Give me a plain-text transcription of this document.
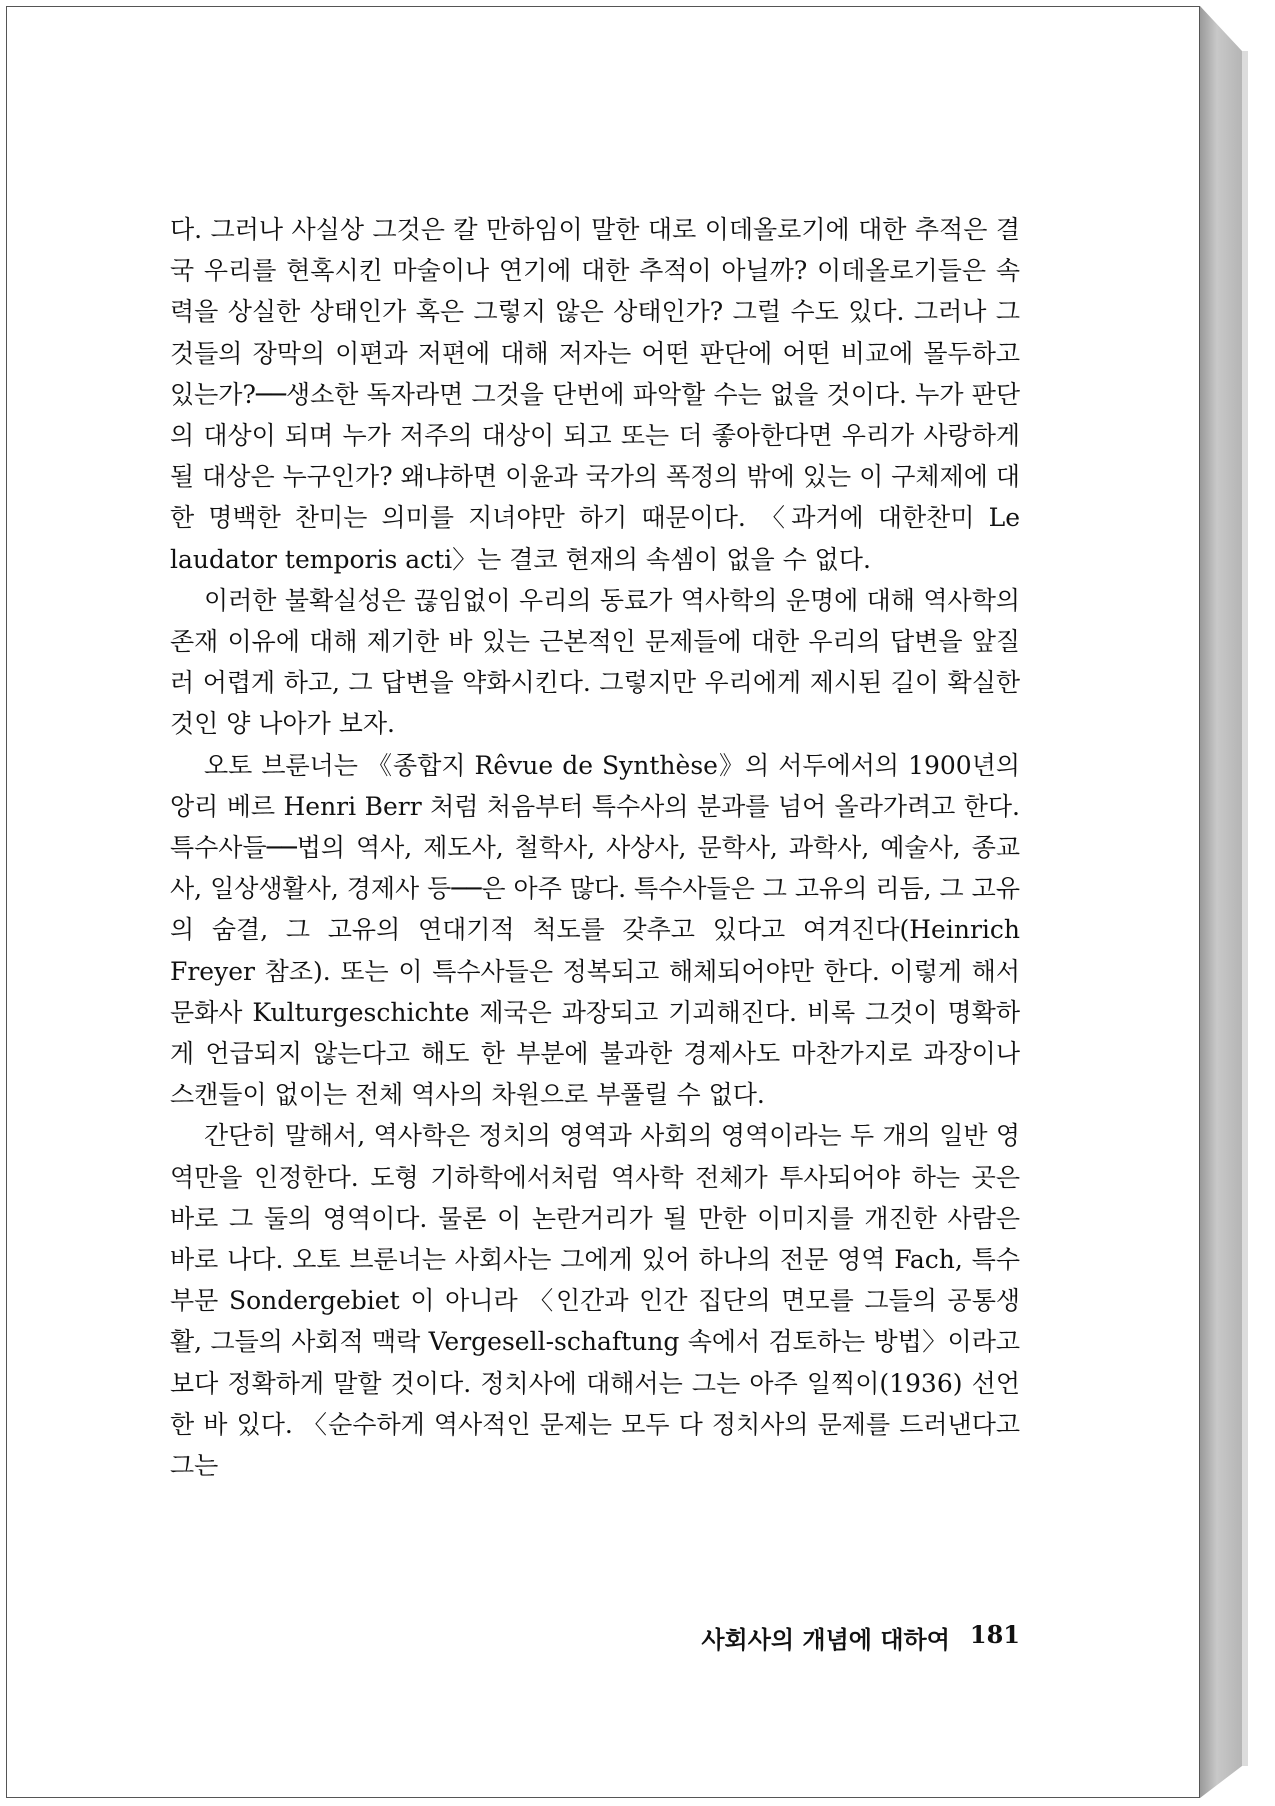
다. 그러나 사실상 그것은 칼 만하임이 말한 대로 이데올로기에 대한 추적은 결국 우리를 현혹시킨 마술이나 연기에 대한 추적이 아닐까? 이데올로기들은 속력을 상실한 상태인가 혹은 그렇지 않은 상태인가? 그럴 수도 있다. 그러나 그것들의 장막의 이편과 저편에 대해 저자는 어떤 판단에 어떤 비교에 몰두하고 있는가?──생소한 독자라면 그것을 단번에 파악할 수는 없을 것이다. 누가 판단의 대상이 되며 누가 저주의 대상이 되고 또는 더 좋아한다면 우리가 사랑하게 될 대상은 누구인가? 왜냐하면 이윤과 국가의 폭정의 밖에 있는 이 구체제에 대한 명백한 찬미는 의미를 지녀야만 하기 때문이다. 〈과거에 대한찬미 Le laudator temporis acti〉는 결코 현재의 속셈이 없을 수 없다.

이러한 불확실성은 끊임없이 우리의 동료가 역사학의 운명에 대해 역사학의 존재 이유에 대해 제기한 바 있는 근본적인 문제들에 대한 우리의 답변을 앞질러 어렵게 하고, 그 답변을 약화시킨다. 그렇지만 우리에게 제시된 길이 확실한 것인 양 나아가 보자.

오토 브룬너는 《종합지 Rêvue de Synthèse》의 서두에서의 1900년의 앙리 베르 Henri Berr 처럼 처음부터 특수사의 분과를 넘어 올라가려고 한다. 특수사들──법의 역사, 제도사, 철학사, 사상사, 문학사, 과학사, 예술사, 종교사, 일상생활사, 경제사 등──은 아주 많다. 특수사들은 그 고유의 리듬, 그 고유의 숨결, 그 고유의 연대기적 척도를 갖추고 있다고 여겨진다(Heinrich Freyer 참조). 또는 이 특수사들은 정복되고 해체되어야만 한다. 이렇게 해서 문화사 Kulturgeschichte 제국은 과장되고 기괴해진다. 비록 그것이 명확하게 언급되지 않는다고 해도 한 부분에 불과한 경제사도 마찬가지로 과장이나 스캔들이 없이는 전체 역사의 차원으로 부풀릴 수 없다.

간단히 말해서, 역사학은 정치의 영역과 사회의 영역이라는 두 개의 일반 영역만을 인정한다. 도형 기하학에서처럼 역사학 전체가 투사되어야 하는 곳은 바로 그 둘의 영역이다. 물론 이 논란거리가 될 만한 이미지를 개진한 사람은 바로 나다. 오토 브룬너는 사회사는 그에게 있어 하나의 전문 영역 Fach, 특수 부문 Sondergebiet 이 아니라 〈인간과 인간 집단의 면모를 그들의 공통생활, 그들의 사회적 맥락 Vergesell-schaftung 속에서 검토하는 방법〉이라고 보다 정확하게 말할 것이다. 정치사에 대해서는 그는 아주 일찍이(1936) 선언한 바 있다. 〈순수하게 역사적인 문제는 모두 다 정치사의 문제를 드러낸다고 그는

사회사의 개념에 대하여 181
